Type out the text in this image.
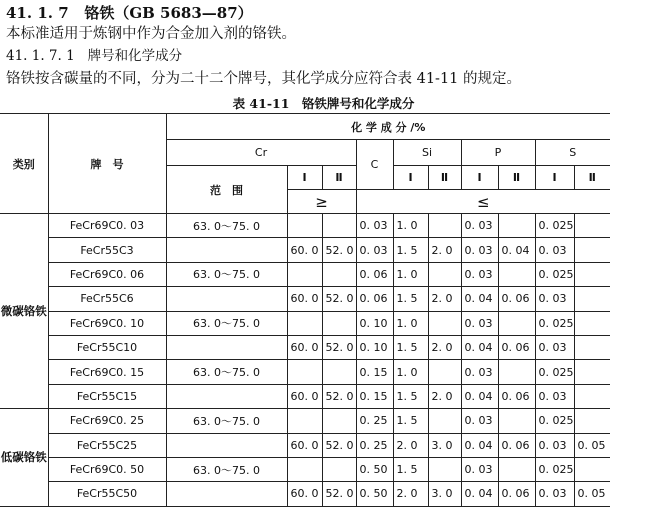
41. 1. 7 铬铁（GB 5683—87）
本标准适用于炼钢中作为合金加入剂的铬铁。
41. 1. 7. 1 牌号和化学成分
铬铁按含碳量的不同，分为二十二个牌号，其化学成分应符合表 41-11 的规定。
表 41-11　铬铁牌号和化学成分
类别	牌　号	化 学 成 分 /%									
		Cr			C	Si		P		S	
		范　围	I	Ⅱ		I	Ⅱ	I	Ⅱ	I	Ⅱ
			≥		≤						
微碳铬铁	FeCr69C0. 03	63. 0～75. 0			0. 03	1. 0		0. 03		0. 025	
	FeCr55C3		60. 0	52. 0	0. 03	1. 5	2. 0	0. 03	0. 04	0. 03	
	FeCr69C0. 06	63. 0～75. 0			0. 06	1. 0		0. 03		0. 025	
	FeCr55C6		60. 0	52. 0	0. 06	1. 5	2. 0	0. 04	0. 06	0. 03	
	FeCr69C0. 10	63. 0～75. 0			0. 10	1. 0		0. 03		0. 025	
	FeCr55C10		60. 0	52. 0	0. 10	1. 5	2. 0	0. 04	0. 06	0. 03	
	FeCr69C0. 15	63. 0～75. 0			0. 15	1. 0		0. 03		0. 025	
	FeCr55C15		60. 0	52. 0	0. 15	1. 5	2. 0	0. 04	0. 06	0. 03	
低碳铬铁	FeCr69C0. 25	63. 0～75. 0			0. 25	1. 5		0. 03		0. 025	
	FeCr55C25		60. 0	52. 0	0. 25	2. 0	3. 0	0. 04	0. 06	0. 03	0. 05
	FeCr69C0. 50	63. 0～75. 0			0. 50	1. 5		0. 03		0. 025	
	FeCr55C50		60. 0	52. 0	0. 50	2. 0	3. 0	0. 04	0. 06	0. 03	0. 05
